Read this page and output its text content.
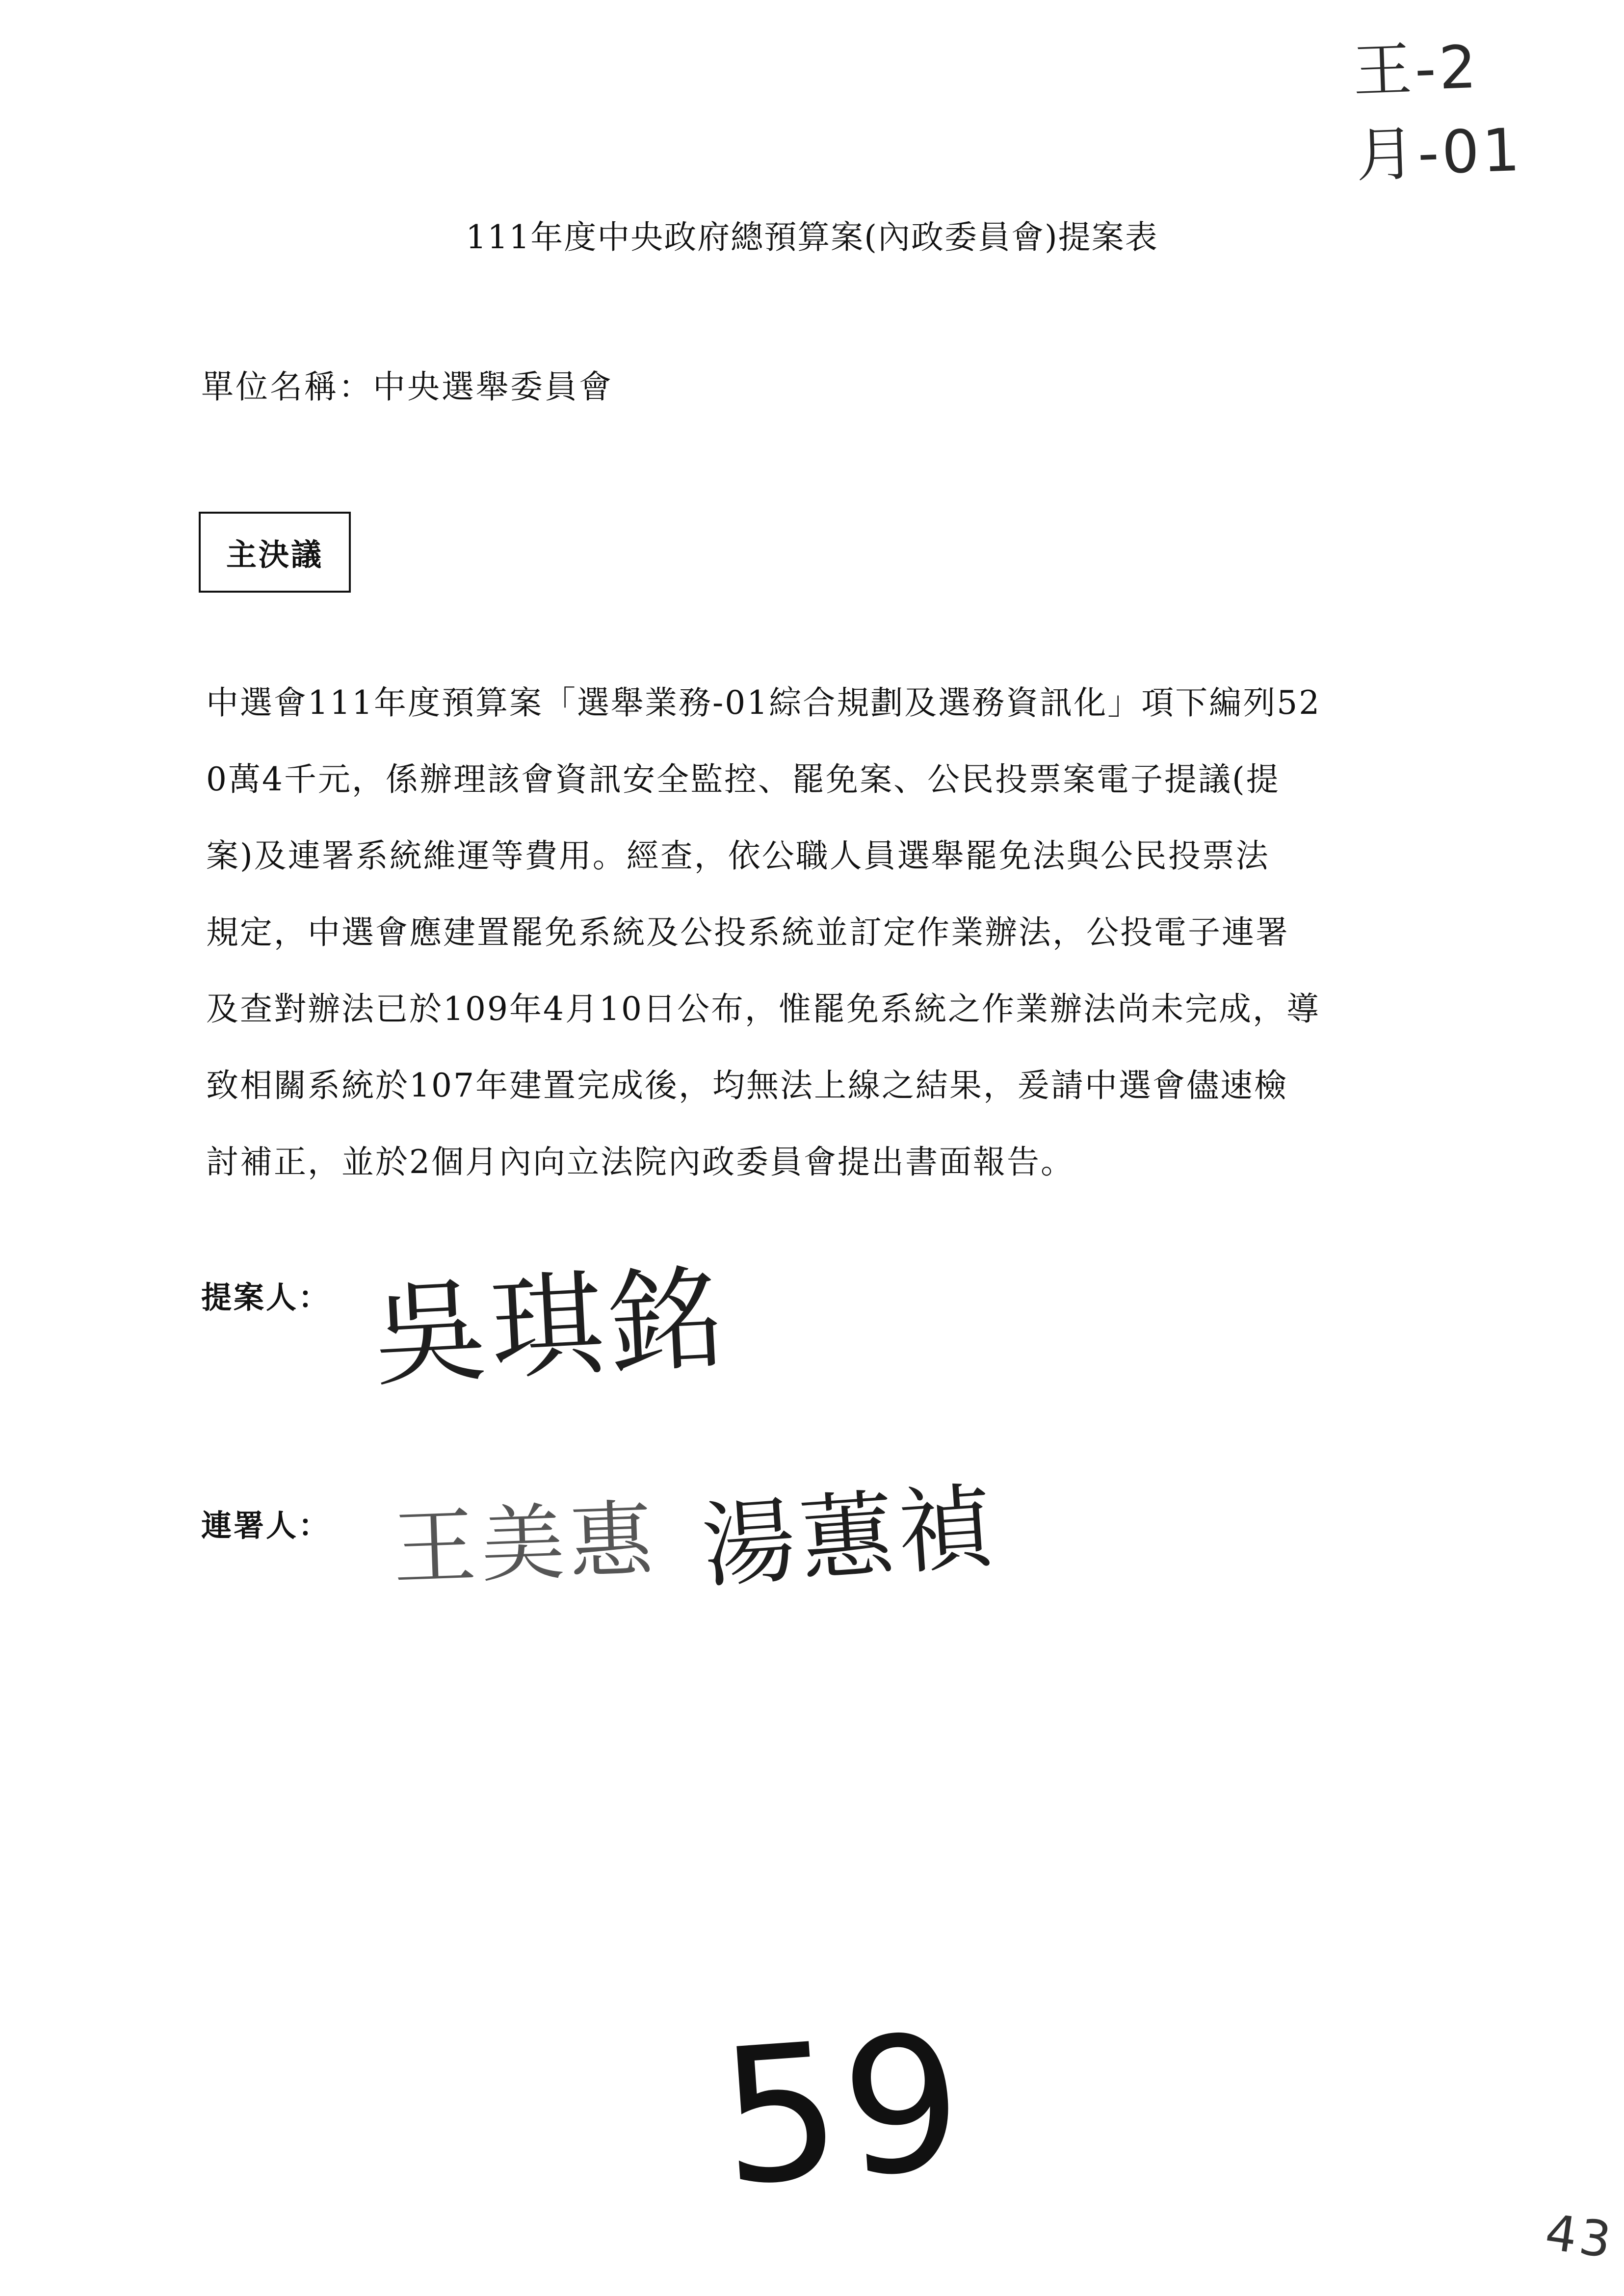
王-2月-01
111年度中央政府總預算案(內政委員會)提案表
單位名稱：中央選舉委員會
主決議
中選會111年度預算案「選舉業務-01綜合規劃及選務資訊化」項下編列52
0萬4千元，係辦理該會資訊安全監控、罷免案、公民投票案電子提議(提
案)及連署系統維運等費用。經查，依公職人員選舉罷免法與公民投票法
規定，中選會應建置罷免系統及公投系統並訂定作業辦法，公投電子連署
及查對辦法已於109年4月10日公布，惟罷免系統之作業辦法尚未完成，導
致相關系統於107年建置完成後，均無法上線之結果，爰請中選會儘速檢
討補正，並於2個月內向立法院內政委員會提出書面報告。
提案人： 吳琪銘
連署人： 王美惠 湯蕙禎
59
43
